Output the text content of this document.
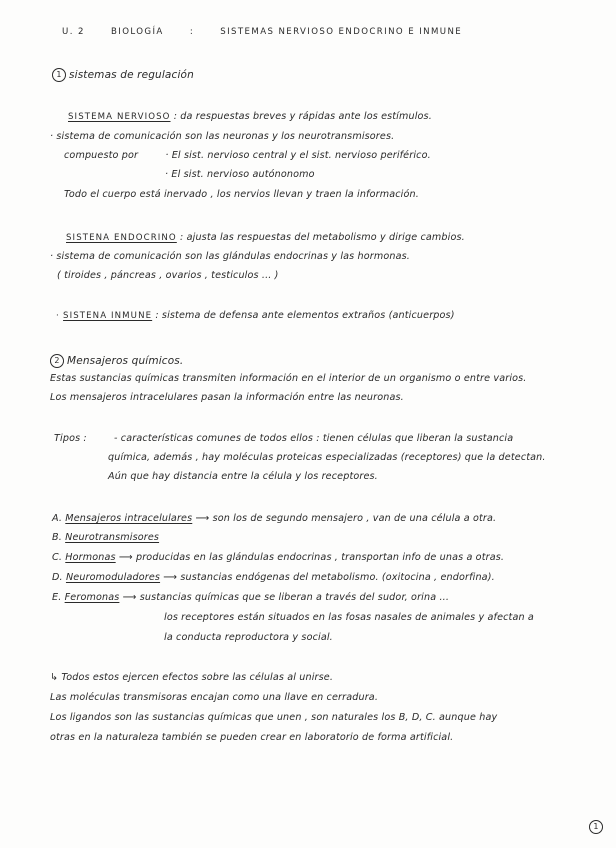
U. 2	BIOLOGÍA	:	SISTEMAS NERVIOSO ENDOCRINO E INMUNE
1 sistemas de regulación
SISTEMA NERVIOSO : da respuestas breves y rápidas ante los estímulos.
· sistema de comunicación son las neuronas y los neurotransmisores.
compuesto por	· El sist. nervioso central y el sist. nervioso periférico.
· El sist. nervioso autónonomo
Todo el cuerpo está inervado , los nervios llevan y traen la información.
SISTENA ENDOCRINO : ajusta las respuestas del metabolismo y dirige cambios.
· sistema de comunicación son las glándulas endocrinas y las hormonas.
( tiroides , páncreas , ovarios , testiculos ... )
· SISTENA INMUNE : sistema de defensa ante elementos extraños (anticuerpos)
2 Mensajeros químicos.
Estas sustancias químicas transmiten información en el interior de un organismo o entre varios.
Los mensajeros intracelulares pasan la información entre las neuronas.
Tipos :	- características comunes de todos ellos : tienen células que liberan la sustancia
química, además , hay moléculas proteicas especializadas (receptores) que la detectan.
Aún que hay distancia entre la célula y los receptores.
A. Mensajeros intracelulares ⟶ son los de segundo mensajero , van de una célula a otra.
B. Neurotransmisores
C. Hormonas ⟶ producidas en las glándulas endocrinas , transportan info de unas a otras.
D. Neuromoduladores ⟶ sustancias endógenas del metabolismo. (oxitocina , endorfina).
E. Feromonas ⟶ sustancias químicas que se liberan a través del sudor, orina ...
los receptores están situados en las fosas nasales de animales y afectan a
la conducta reproductora y social.
↳ Todos estos ejercen efectos sobre las células al unirse.
Las moléculas transmisoras encajan como una llave en cerradura.
Los ligandos son las sustancias químicas que unen , son naturales los B, D, C. aunque hay
otras en la naturaleza también se pueden crear en laboratorio de forma artificial.
1
